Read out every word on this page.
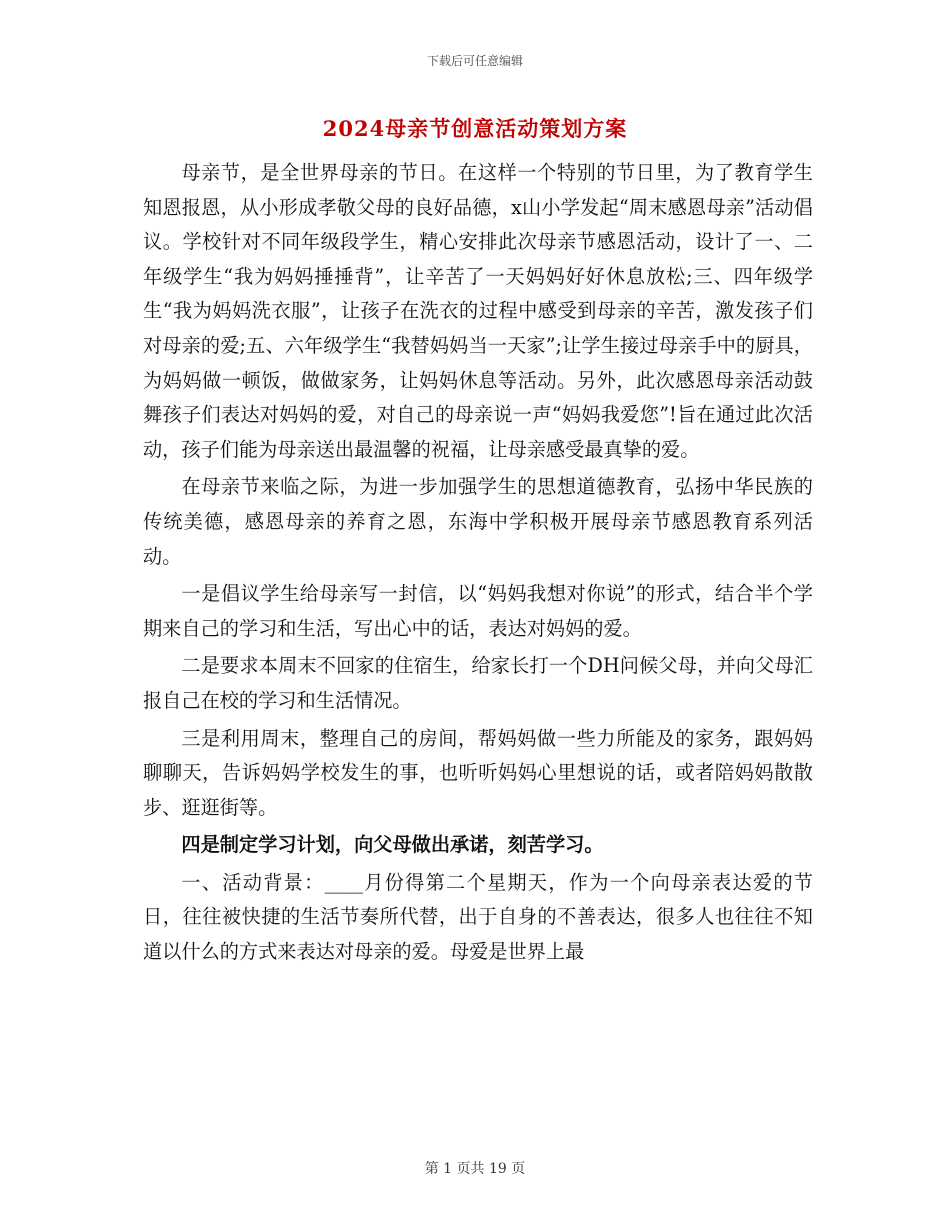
下载后可任意编辑
2024母亲节创意活动策划方案

母亲节，是全世界母亲的节日。在这样一个特别的节日里，为了教育学生知恩报恩，从小形成孝敬父母的良好品德，x山小学发起“周末感恩母亲”活动倡议。学校针对不同年级段学生，精心安排此次母亲节感恩活动，设计了一、二年级学生“我为妈妈捶捶背”，让辛苦了一天妈妈好好休息放松;三、四年级学生“我为妈妈洗衣服”，让孩子在洗衣的过程中感受到母亲的辛苦，激发孩子们对母亲的爱;五、六年级学生“我替妈妈当一天家”;让学生接过母亲手中的厨具，为妈妈做一顿饭，做做家务，让妈妈休息等活动。另外，此次感恩母亲活动鼓舞孩子们表达对妈妈的爱，对自己的母亲说一声“妈妈我爱您”!旨在通过此次活动，孩子们能为母亲送出最温馨的祝福，让母亲感受最真挚的爱。

在母亲节来临之际，为进一步加强学生的思想道德教育，弘扬中华民族的传统美德，感恩母亲的养育之恩，东海中学积极开展母亲节感恩教育系列活动。

一是倡议学生给母亲写一封信，以“妈妈我想对你说”的形式，结合半个学期来自己的学习和生活，写出心中的话，表达对妈妈的爱。

二是要求本周末不回家的住宿生，给家长打一个DH问候父母，并向父母汇报自己在校的学习和生活情况。

三是利用周末，整理自己的房间，帮妈妈做一些力所能及的家务，跟妈妈聊聊天，告诉妈妈学校发生的事，也听听妈妈心里想说的话，或者陪妈妈散散步、逛逛街等。

四是制定学习计划，向父母做出承诺，刻苦学习。

一、活动背景：____月份得第二个星期天，作为一个向母亲表达爱的节日，往往被快捷的生活节奏所代替，出于自身的不善表达，很多人也往往不知道以什么的方式来表达对母亲的爱。母爱是世界上最

第 1 页共 19 页
